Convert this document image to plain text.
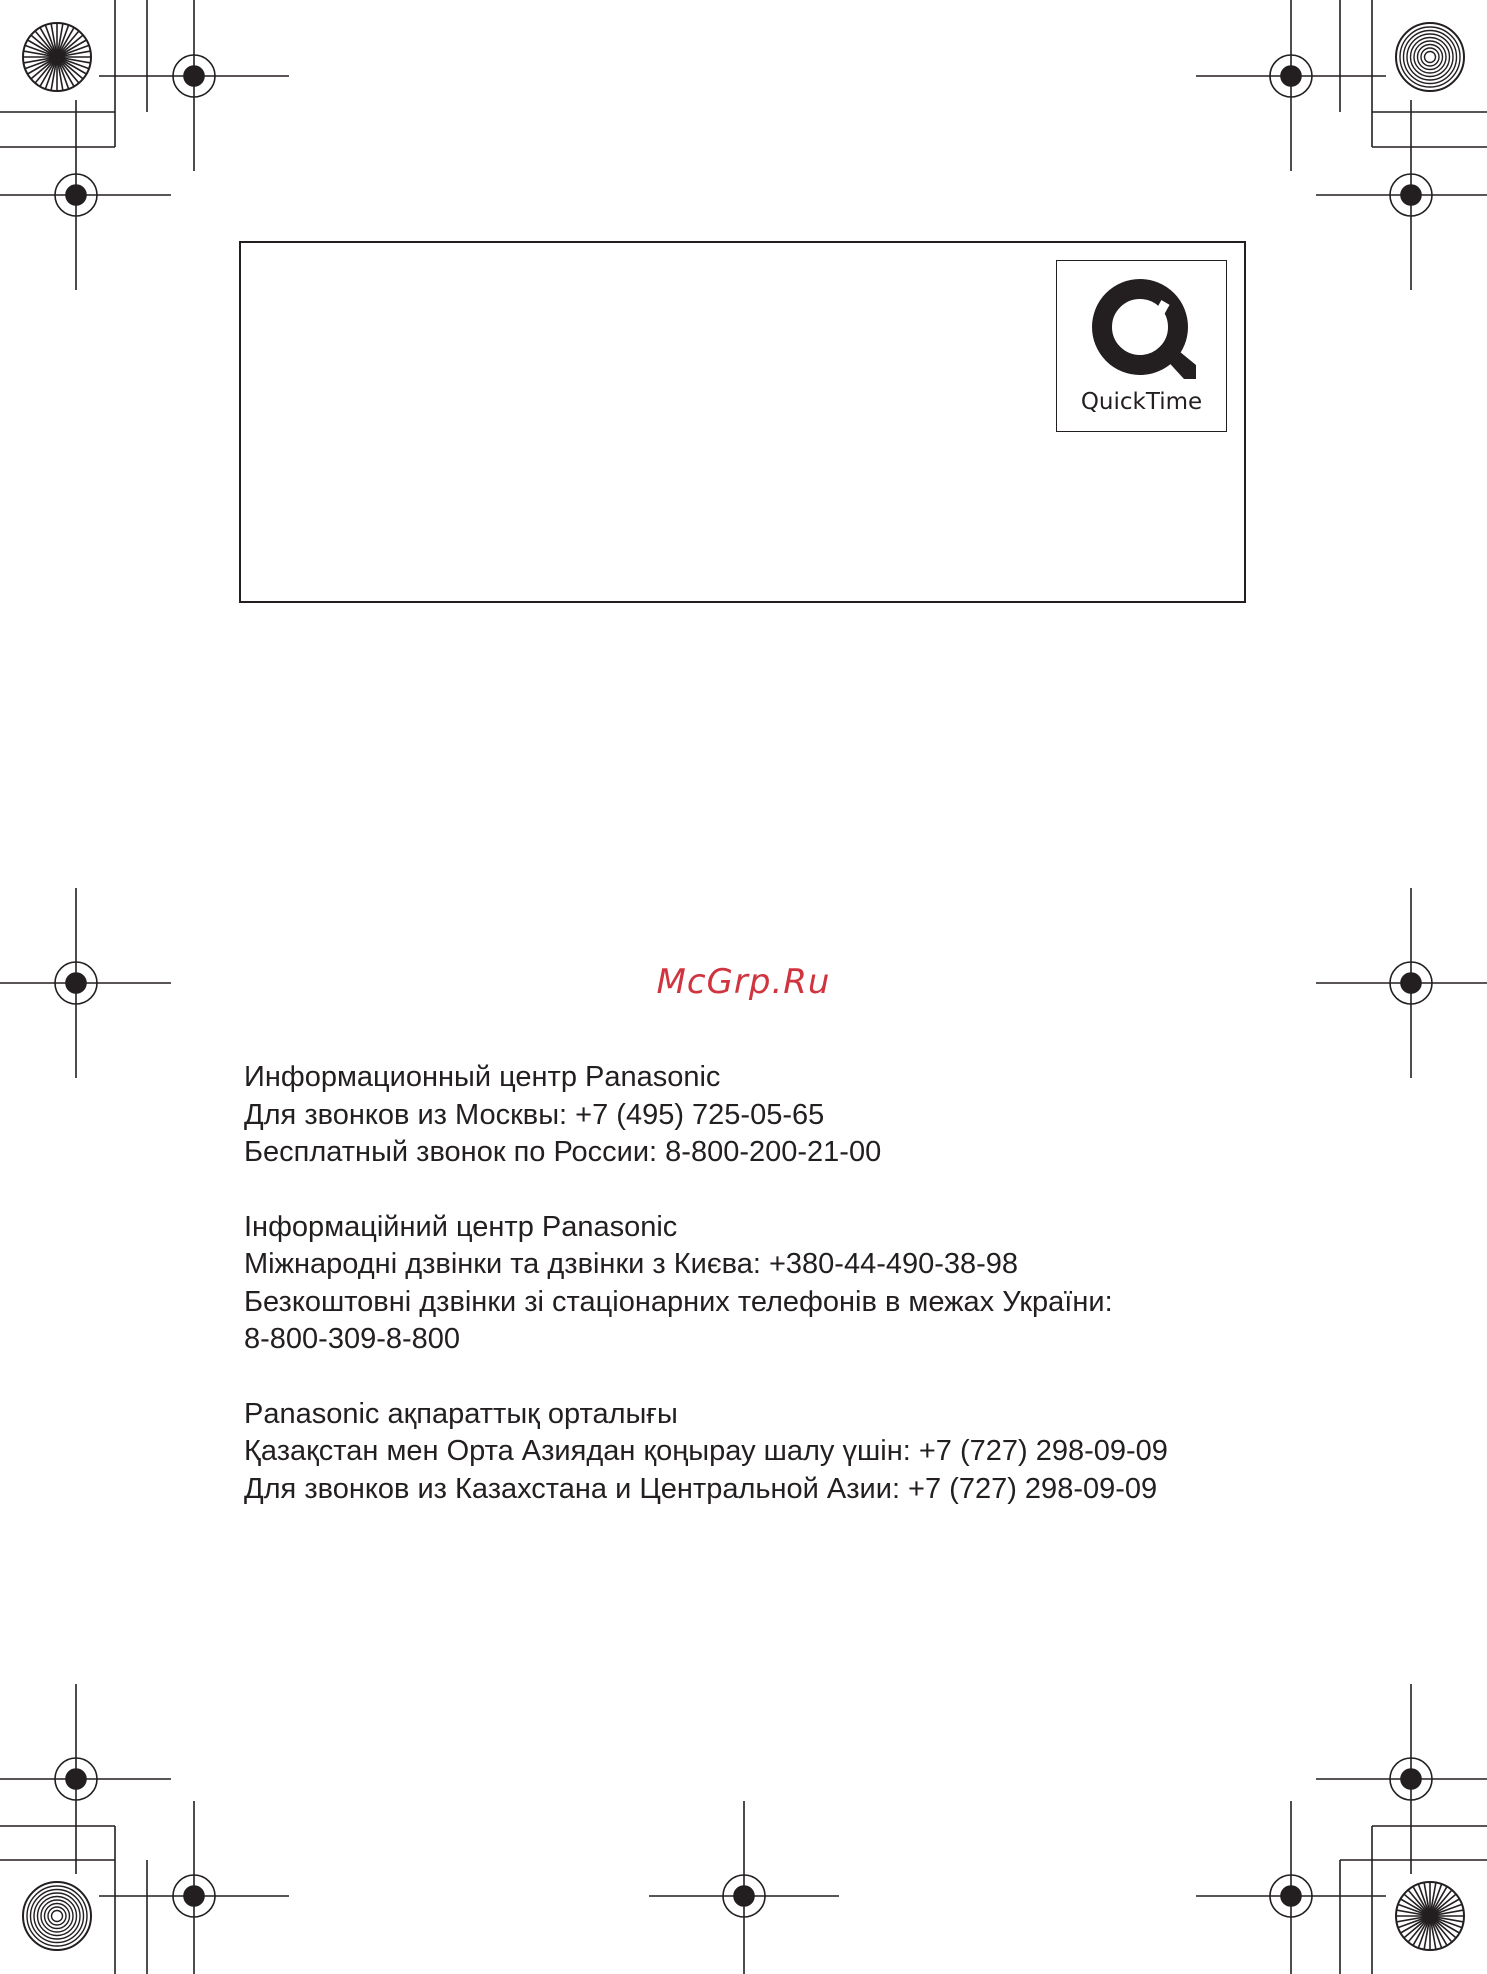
QuickTime
McGrp.Ru
Информационный центр Panasonic
Для звонков из Москвы: +7 (495) 725-05-65
Бесплатный звонок по России: 8-800-200-21-00
Інформаційний центр Panasonic
Міжнародні дзвінки та дзвінки з Києва: +380-44-490-38-98
Безкоштовні дзвінки зі стаціонарних телефонів в межах України:
8-800-309-8-800
Panasonic ақпараттық орталығы
Қазақстан мен Орта Азиядан қоңырау шалу үшін: +7 (727) 298-09-09
Для звонков из Казахстана и Центральной Азии: +7 (727) 298-09-09
